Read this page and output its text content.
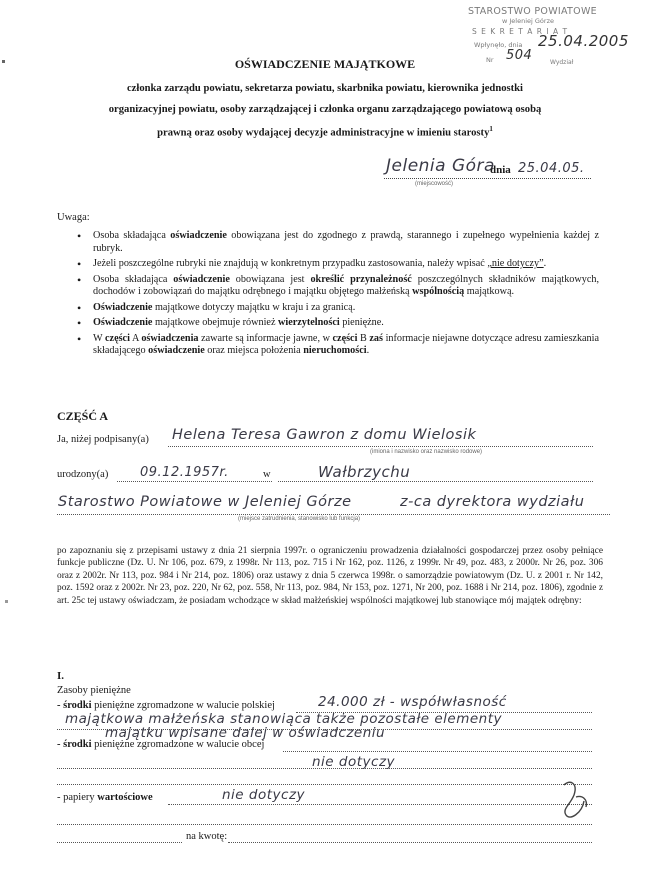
STAROSTWO POWIATOWE
w Jeleniej Górze
S E K R E T A R I A T
Wpłynęło, dnia 25.04.2005
Nr 504	Wydział
OŚWIADCZENIE MAJĄTKOWE
członka zarządu powiatu, sekretarza powiatu, skarbnika powiatu, kierownika jednostki
organizacyjnej powiatu, osoby zarządzającej i członka organu zarządzającego powiatową osobą
prawną oraz osoby wydającej decyzje administracyjne w imieniu starosty$^1$
Jelenia Góra
dnia 25.04.05.
(miejscowość)
Uwaga:
• Osoba składająca oświadczenie obowiązana jest do zgodnego z prawdą, starannego i zupełnego wypełnienia każdej z rubryk.
• Jeżeli poszczególne rubryki nie znajdują w konkretnym przypadku zastosowania, należy wpisać „nie dotyczy”.
• Osoba składająca oświadczenie obowiązana jest określić przynależność poszczególnych składników majątkowych, dochodów i zobowiązań do majątku odrębnego i majątku objętego małżeńską wspólnością majątkową.
• Oświadczenie majątkowe dotyczy majątku w kraju i za granicą.
• Oświadczenie majątkowe obejmuje również wierzytelności pieniężne.
• W części A oświadczenia zawarte są informacje jawne, w części B zaś informacje niejawne dotyczące adresu zamieszkania składającego oświadczenie oraz miejsca położenia nieruchomości.
CZĘŚĆ A
Ja, niżej podpisany(a) Helena Teresa Gawron z domu Wielosik
(imiona i nazwisko oraz nazwisko rodowe)
urodzony(a) 09.12.1957r.	w	Wałbrzychu
Starostwo Powiatowe w Jeleniej Górze	z-ca dyrektora wydziału
(miejsce zatrudnienia, stanowisko lub funkcja)
po zapoznaniu się z przepisami ustawy z dnia 21 sierpnia 1997r. o ograniczeniu prowadzenia działalności gospodarczej przez osoby pełniące funkcje publiczne (Dz. U. Nr 106, poz. 679, z 1998r. Nr 113, poz. 715 i Nr 162, poz. 1126, z 1999r. Nr 49, poz. 483, z 2000r. Nr 26, poz. 306 oraz z 2002r. Nr 113, poz. 984 i Nr 214, poz. 1806) oraz ustawy z dnia 5 czerwca 1998r. o samorządzie powiatowym (Dz. U. z 2001 r. Nr 142, poz. 1592 oraz z 2002r. Nr 23, poz. 220, Nr 62, poz. 558, Nr 113, poz. 984, Nr 153, poz. 1271, Nr 200, poz. 1688 i Nr 214, poz. 1806), zgodnie z art. 25c tej ustawy oświadczam, że posiadam wchodzące w skład małżeńskiej wspólności majątkowej lub stanowiące mój majątek odrębny:
I.
Zasoby pieniężne
- środki pieniężne zgromadzone w walucie polskiej	24.000 zł - współwłasność
majątkowa małżeńska stanowiąca także pozostałe elementy
majątku wpisane dalej w oświadczeniu
- środki pieniężne zgromadzone w walucie obcej
nie dotyczy
- papiery wartościowe	nie dotyczy
na kwotę:
